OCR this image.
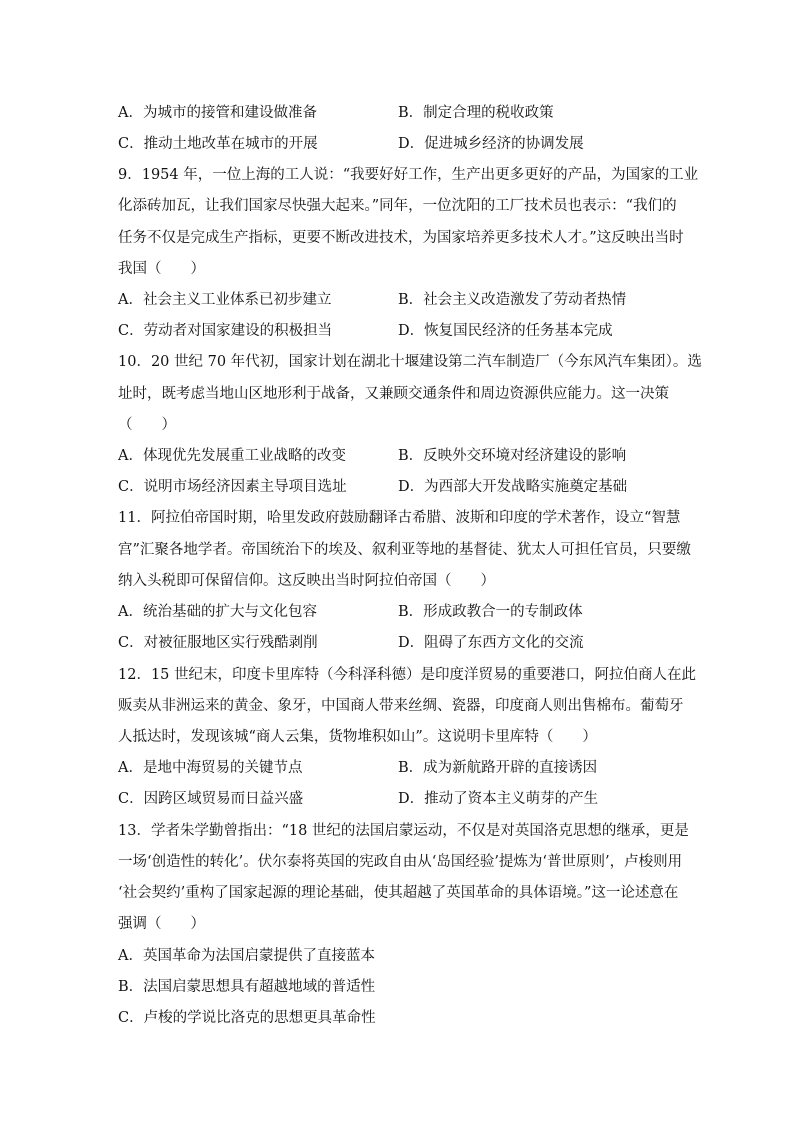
A．为城市的接管和建设做准备	B．制定合理的税收政策
C．推动土地改革在城市的开展	D．促进城乡经济的协调发展
9．1954 年，一位上海的工人说：“我要好好工作，生产出更多更好的产品，为国家的工业
化添砖加瓦，让我们国家尽快强大起来。”同年，一位沈阳的工厂技术员也表示：“我们的
任务不仅是完成生产指标，更要不断改进技术，为国家培养更多技术人才。”这反映出当时
我国（　　）
A．社会主义工业体系已初步建立	B．社会主义改造激发了劳动者热情
C．劳动者对国家建设的积极担当	D．恢复国民经济的任务基本完成
10．20 世纪 70 年代初，国家计划在湖北十堰建设第二汽车制造厂（今东风汽车集团）。选
址时，既考虑当地山区地形利于战备，又兼顾交通条件和周边资源供应能力。这一决策
（　　）
A．体现优先发展重工业战略的改变	B．反映外交环境对经济建设的影响
C．说明市场经济因素主导项目选址	D．为西部大开发战略实施奠定基础
11．阿拉伯帝国时期，哈里发政府鼓励翻译古希腊、波斯和印度的学术著作，设立“智慧
宫”汇聚各地学者。帝国统治下的埃及、叙利亚等地的基督徒、犹太人可担任官员，只要缴
纳入头税即可保留信仰。这反映出当时阿拉伯帝国（　　）
A．统治基础的扩大与文化包容	B．形成政教合一的专制政体
C．对被征服地区实行残酷剥削	D．阻碍了东西方文化的交流
12．15 世纪末，印度卡里库特（今科泽科德）是印度洋贸易的重要港口，阿拉伯商人在此
贩卖从非洲运来的黄金、象牙，中国商人带来丝绸、瓷器，印度商人则出售棉布。葡萄牙
人抵达时，发现该城“商人云集，货物堆积如山”。这说明卡里库特（　　）
A．是地中海贸易的关键节点	B．成为新航路开辟的直接诱因
C．因跨区域贸易而日益兴盛	D．推动了资本主义萌芽的产生
13．学者朱学勤曾指出：“18 世纪的法国启蒙运动，不仅是对英国洛克思想的继承，更是
一场‘创造性的转化’。伏尔泰将英国的宪政自由从‘岛国经验’提炼为‘普世原则’，卢梭则用
‘社会契约’重构了国家起源的理论基础，使其超越了英国革命的具体语境。”这一论述意在
强调（　　）
A．英国革命为法国启蒙提供了直接蓝本
B．法国启蒙思想具有超越地域的普适性
C．卢梭的学说比洛克的思想更具革命性
